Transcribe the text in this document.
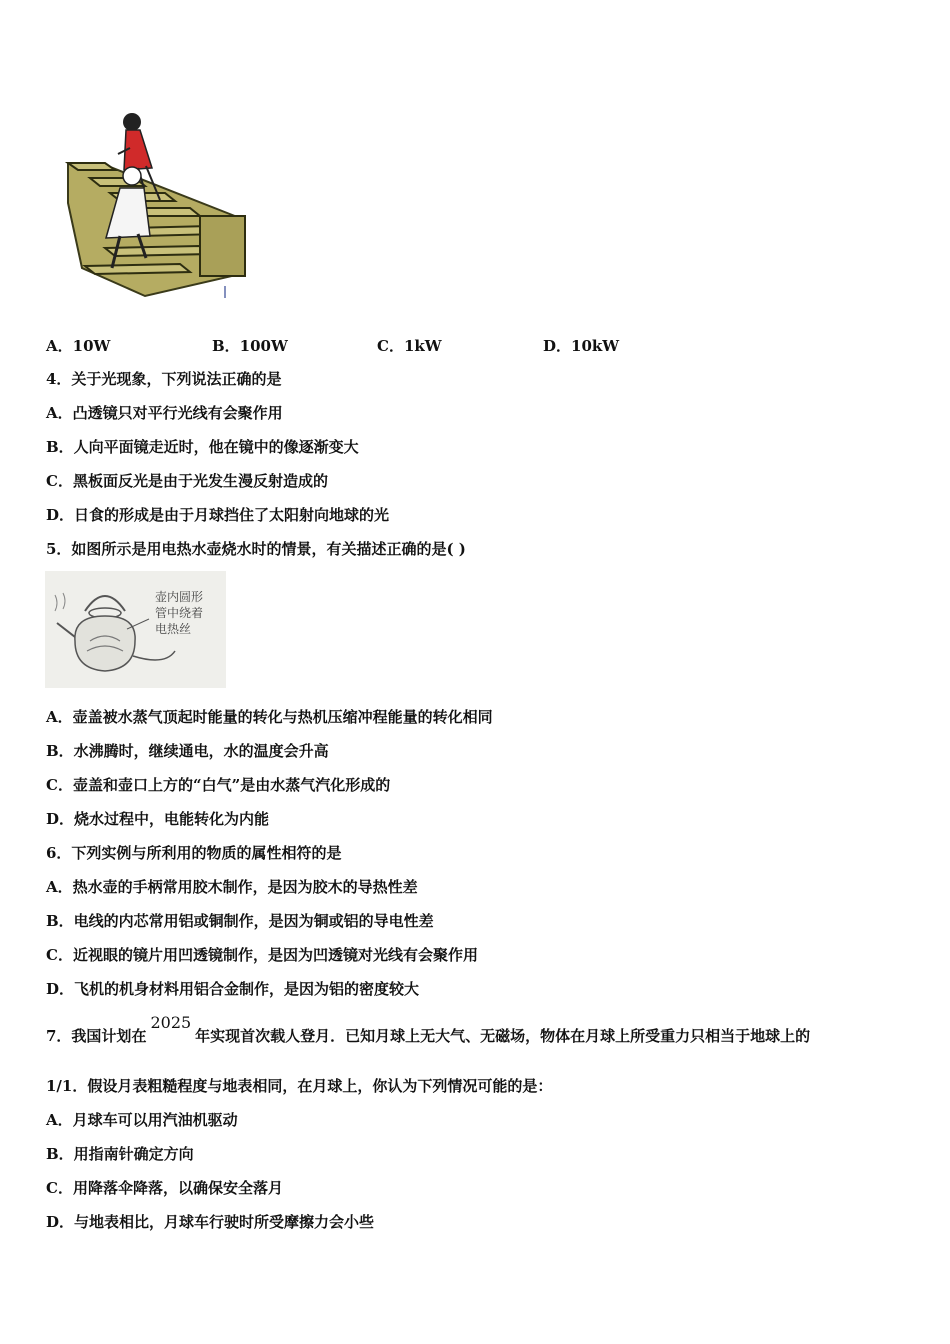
A．10W	B．100W	C．1kW	D．10kW
4．关于光现象，下列说法正确的是
A．凸透镜只对平行光线有会聚作用
B．人向平面镜走近时，他在镜中的像逐渐变大
C．黑板面反光是由于光发生漫反射造成的
D．日食的形成是由于月球挡住了太阳射向地球的光
5．如图所示是用电热水壶烧水时的情景，有关描述正确的是( )
壶内圆形
管中绕着
电热丝
A．壶盖被水蒸气顶起时能量的转化与热机压缩冲程能量的转化相同
B．水沸腾时，继续通电，水的温度会升高
C．壶盖和壶口上方的“白气”是由水蒸气汽化形成的
D．烧水过程中，电能转化为内能
6．下列实例与所利用的物质的属性相符的是
A．热水壶的手柄常用胶木制作，是因为胶木的导热性差
B．电线的内芯常用铝或铜制作，是因为铜或铝的导电性差
C．近视眼的镜片用凹透镜制作，是因为凹透镜对光线有会聚作用
D．飞机的机身材料用铝合金制作，是因为铝的密度较大
7．我国计划在2025年实现首次载人登月．已知月球上无大气、无磁场，物体在月球上所受重力只相当于地球上的
1/1．假设月表粗糙程度与地表相同，在月球上，你认为下列情况可能的是：
A．月球车可以用汽油机驱动
B．用指南针确定方向
C．用降落伞降落，以确保安全落月
D．与地表相比，月球车行驶时所受摩擦力会小些
